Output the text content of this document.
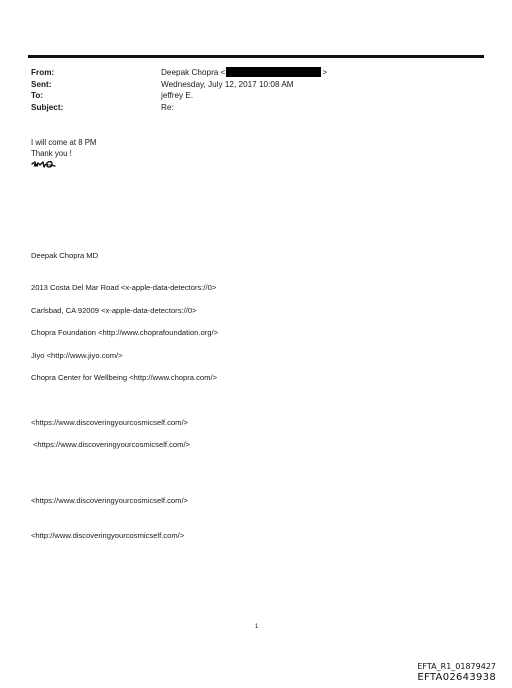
From:	Deepak Chopra <	>
Sent:	Wednesday, July 12, 2017 10:08 AM
To:	jeffrey E.
Subject:	Re:
I will come at 8 PM
Thank you !
Deepak Chopra MD
2013 Costa Del Mar Road <x-apple-data-detectors://0>
Carlsbad, CA 92009 <x-apple-data-detectors://0>
Chopra Foundation <http://www.choprafoundation.org/>
Jiyo <http://www.jiyo.com/>
Chopra Center for Wellbeing <http://www.chopra.com/>
<https://www.discoveringyourcosmicself.com/>
<https://www.discoveringyourcosmicself.com/>
<https://www.discoveringyourcosmicself.com/>
<http://www.discoveringyourcosmicself.com/>
1
EFTA_R1_01879427
EFTA02643938
